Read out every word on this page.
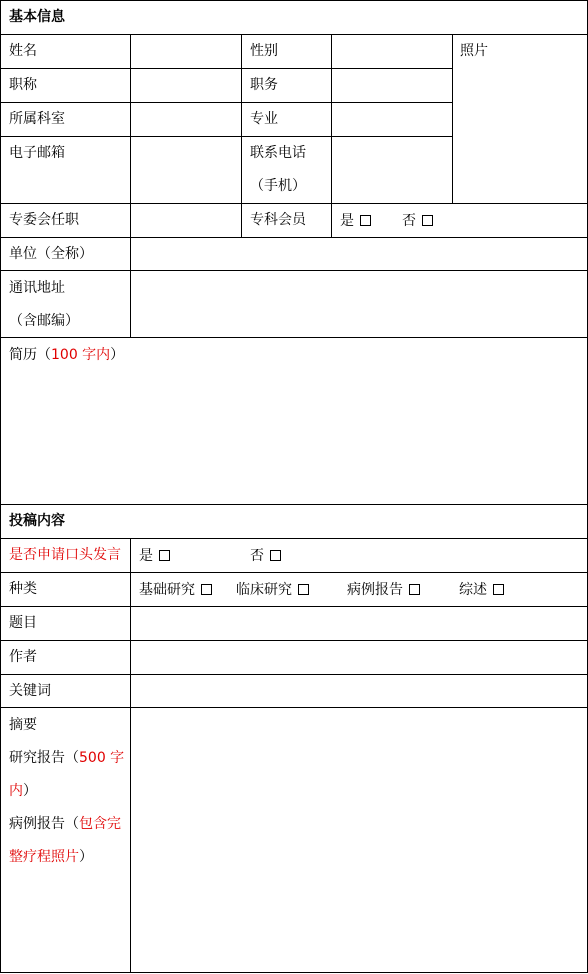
基本信息
姓名	性别	照片
职称	职务
所属科室	专业
电子邮箱	联系电话
（手机）
专委会任职	专科会员 是	否
单位（全称）
通讯地址
（含邮编）
简历（100 字内）
投稿内容
是否申请口头发言 是	否
种类	基础研究	临床研究	病例报告	综述
题目
作者
关键词
摘要
研究报告（500 字
内）
病例报告（包含完
整疗程照片）
